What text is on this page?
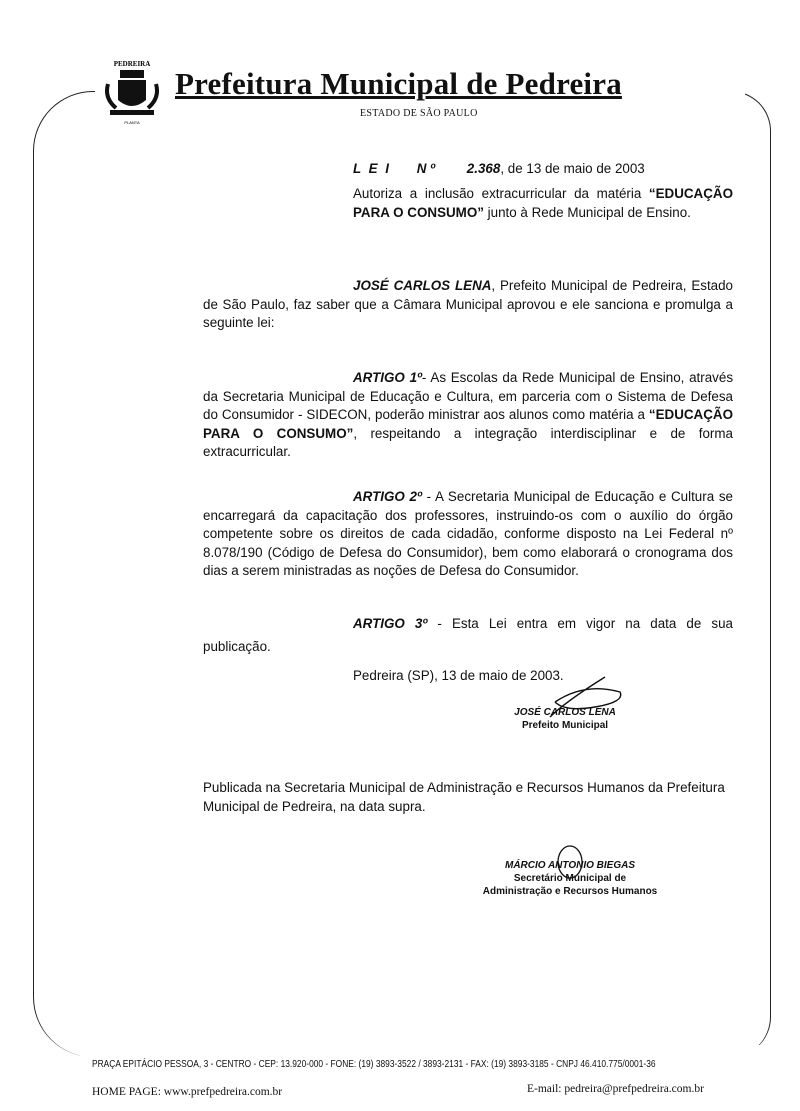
PEDREIRA
PLANTA
Prefeitura Municipal de Pedreira
ESTADO DE SÃO PAULO
L E I N º 2.368, de 13 de maio de 2003
Autoriza a inclusão extracurricular da matéria “EDUCAÇÃO PARA O CONSUMO” junto à Rede Municipal de Ensino.
JOSÉ CARLOS LENA, Prefeito Municipal de Pedreira, Estado de São Paulo, faz saber que a Câmara Municipal aprovou e ele sanciona e promulga a seguinte lei:
ARTIGO 1º- As Escolas da Rede Municipal de Ensino, através da Secretaria Municipal de Educação e Cultura, em parceria com o Sistema de Defesa do Consumidor - SIDECON, poderão ministrar aos alunos como matéria a “EDUCAÇÃO PARA O CONSUMO”, respeitando a integração interdisciplinar e de forma extracurricular.
ARTIGO 2º - A Secretaria Municipal de Educação e Cultura se encarregará da capacitação dos professores, instruindo-os com o auxílio do órgão competente sobre os direitos de cada cidadão, conforme disposto na Lei Federal nº 8.078/190 (Código de Defesa do Consumidor), bem como elaborará o cronograma dos dias a serem ministradas as noções de Defesa do Consumidor.
ARTIGO 3º - Esta Lei entra em vigor na data de sua publicação.
Pedreira (SP), 13 de maio de 2003.
JOSÉ CARLOS LENA
Prefeito Municipal
Publicada na Secretaria Municipal de Administração e Recursos Humanos da Prefeitura Municipal de Pedreira, na data supra.
MÁRCIO ANTONIO BIEGAS
Secretário Municipal de
Administração e Recursos Humanos
PRAÇA EPITÁCIO PESSOA, 3 - CENTRO - CEP: 13.920-000 - FONE: (19) 3893-3522 / 3893-2131 - FAX: (19) 3893-3185 - CNPJ 46.410.775/0001-36
HOME PAGE: www.prefpedreira.com.br	E-mail: pedreira@prefpedreira.com.br
